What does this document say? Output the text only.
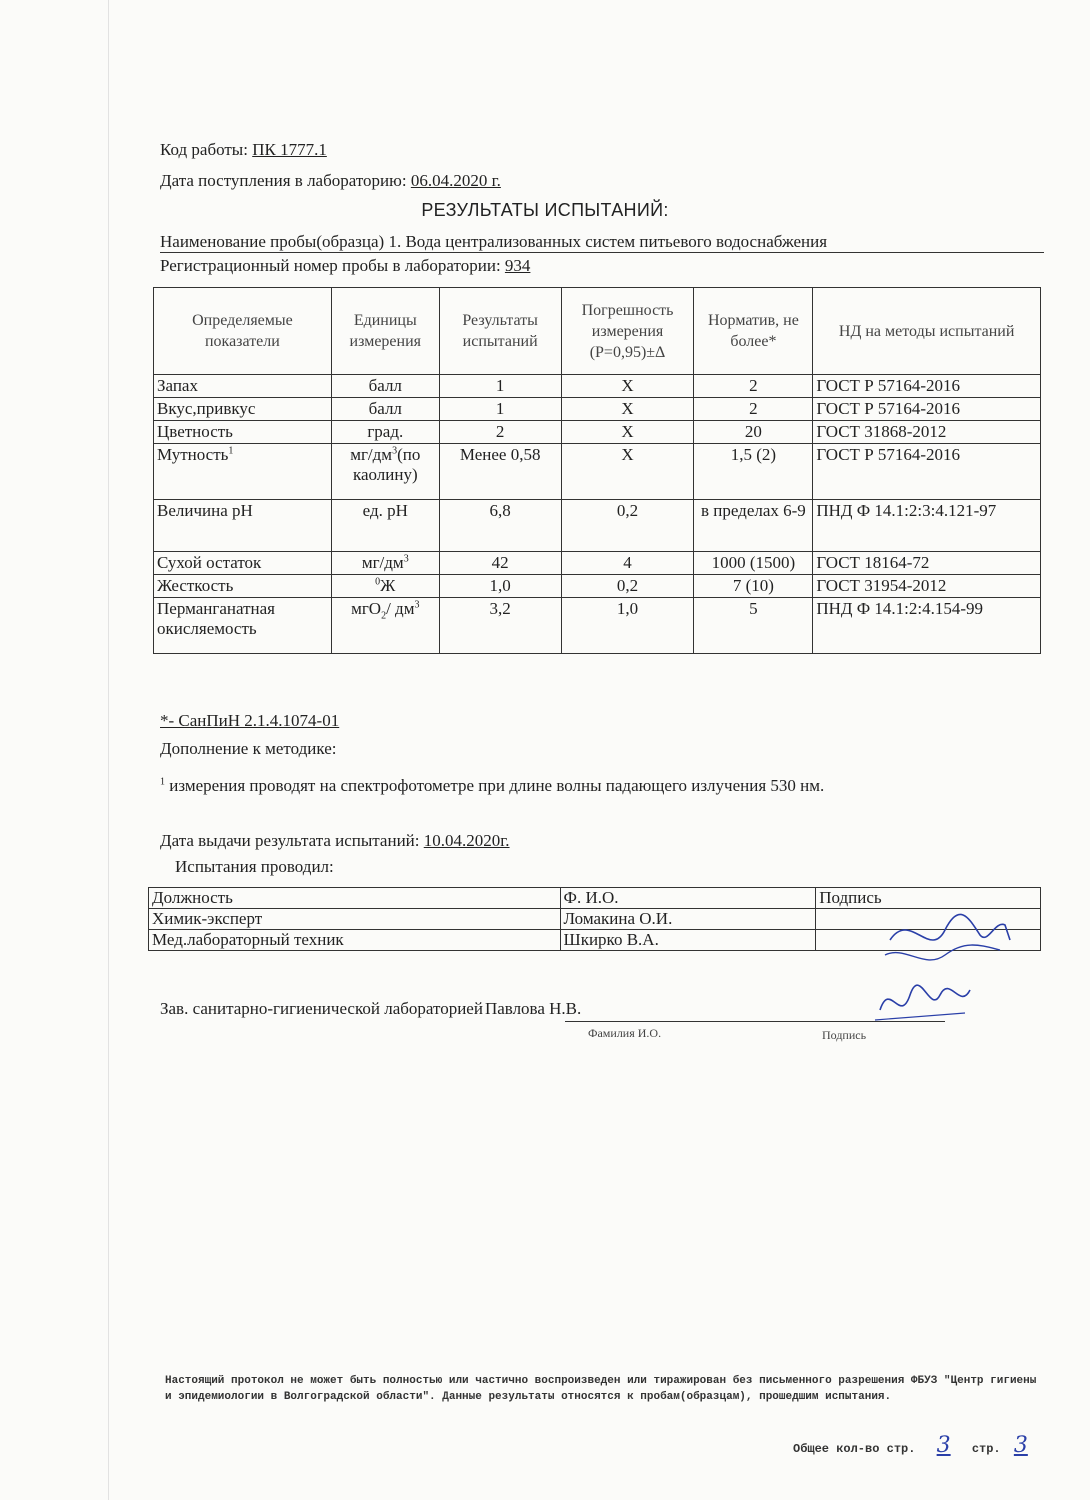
Код работы: ПК 1777.1
Дата поступления в лабораторию: 06.04.2020 г.
РЕЗУЛЬТАТЫ ИСПЫТАНИЙ:
Наименование пробы(образца) 1. Вода централизованных систем питьевого водоснабжения
Регистрационный номер пробы в лаборатории: 934
Определяемые показатели	Единицы измерения	Результаты испытаний	Погрешность измерения (Р=0,95)±Δ	Норматив, не более*	НД на методы испытаний
Запах	балл	1	Х	2	ГОСТ Р 57164-2016
Вкус,привкус	балл	1	Х	2	ГОСТ Р 57164-2016
Цветность	град.	2	Х	20	ГОСТ 31868-2012
Мутность$^1$	$мг/дм^3(по$ каолину)	Менее 0,58	Х	1,5 (2)	ГОСТ Р 57164-2016
Величина pH	ед. pH	6,8	0,2	в пределах 6-9	ПНД Ф 14.1:2:3:4.121-97
Сухой остаток	$мг/дм^3$	42	4	1000 (1500)	ГОСТ 18164-72
Жесткость	$^0$Ж	1,0	0,2	7 (10)	ГОСТ 31954-2012
Перманганатная окисляемость	мгО$_2$/ $дм^3$	3,2	1,0	5	ПНД Ф 14.1:2:4.154-99
*- СанПиН 2.1.4.1074-01
Дополнение к методике:
$^1$ измерения проводят на спектрофотометре при длине волны падающего излучения 530 нм.
Дата выдачи результата испытаний: 10.04.2020г.
Испытания проводил:
Должность	Ф. И.О.	Подпись
Химик-эксперт	Ломакина О.И.	
Мед.лабораторный техник	Шкирко В.А.	
Зав. санитарно-гигиенической лабораторией Павлова Н.В.
Фамилия И.О.	Подпись
Настоящий протокол не может быть полностью или частично воспроизведен или тиражирован без письменного разрешения ФБУЗ "Центр гигиены и эпидемиологии в Волгоградской области". Данные результаты относятся к пробам(образцам), прошедшим испытания.
Общее кол-во стр. 3 стр. 3
